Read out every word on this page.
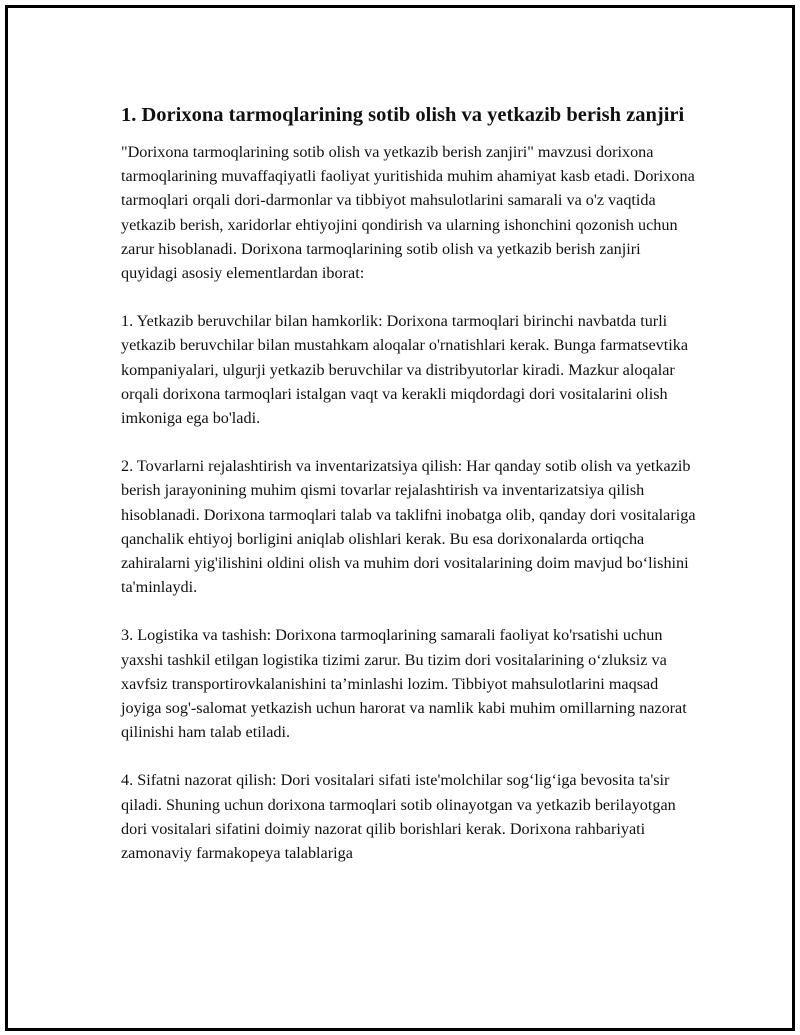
1. Dorixona tarmoqlarining sotib olish va yetkazib berish zanjiri

"Dorixona tarmoqlarining sotib olish va yetkazib berish zanjiri" mavzusi dorixona tarmoqlarining muvaffaqiyatli faoliyat yuritishida muhim ahamiyat kasb etadi. Dorixona tarmoqlari orqali dori-darmonlar va tibbiyot mahsulotlarini samarali va o'z vaqtida yetkazib berish, xaridorlar ehtiyojini qondirish va ularning ishonchini qozonish uchun zarur hisoblanadi. Dorixona tarmoqlarining sotib olish va yetkazib berish zanjiri quyidagi asosiy elementlardan iborat:

1. Yetkazib beruvchilar bilan hamkorlik: Dorixona tarmoqlari birinchi navbatda turli yetkazib beruvchilar bilan mustahkam aloqalar o'rnatishlari kerak. Bunga farmatsevtika kompaniyalari, ulgurji yetkazib beruvchilar va distribyutorlar kiradi. Mazkur aloqalar orqali dorixona tarmoqlari istalgan vaqt va kerakli miqdordagi dori vositalarini olish imkoniga ega bo'ladi.

2. Tovarlarni rejalashtirish va inventarizatsiya qilish: Har qanday sotib olish va yetkazib berish jarayonining muhim qismi tovarlar rejalashtirish va inventarizatsiya qilish hisoblanadi. Dorixona tarmoqlari talab va taklifni inobatga olib, qanday dori vositalariga qanchalik ehtiyoj borligini aniqlab olishlari kerak. Bu esa dorixonalarda ortiqcha zahiralarni yig'ilishini oldini olish va muhim dori vositalarining doim mavjud bo‘lishini ta'minlaydi.

3. Logistika va tashish: Dorixona tarmoqlarining samarali faoliyat ko'rsatishi uchun yaxshi tashkil etilgan logistika tizimi zarur. Bu tizim dori vositalarining o‘zluksiz va xavfsiz transportirovkalanishini ta’minlashi lozim. Tibbiyot mahsulotlarini maqsad joyiga sog'-salomat yetkazish uchun harorat va namlik kabi muhim omillarning nazorat qilinishi ham talab etiladi.

4. Sifatni nazorat qilish: Dori vositalari sifati iste'molchilar sog‘lig‘iga bevosita ta'sir qiladi. Shuning uchun dorixona tarmoqlari sotib olinayotgan va yetkazib berilayotgan dori vositalari sifatini doimiy nazorat qilib borishlari kerak. Dorixona rahbariyati zamonaviy farmakopeya talablariga
